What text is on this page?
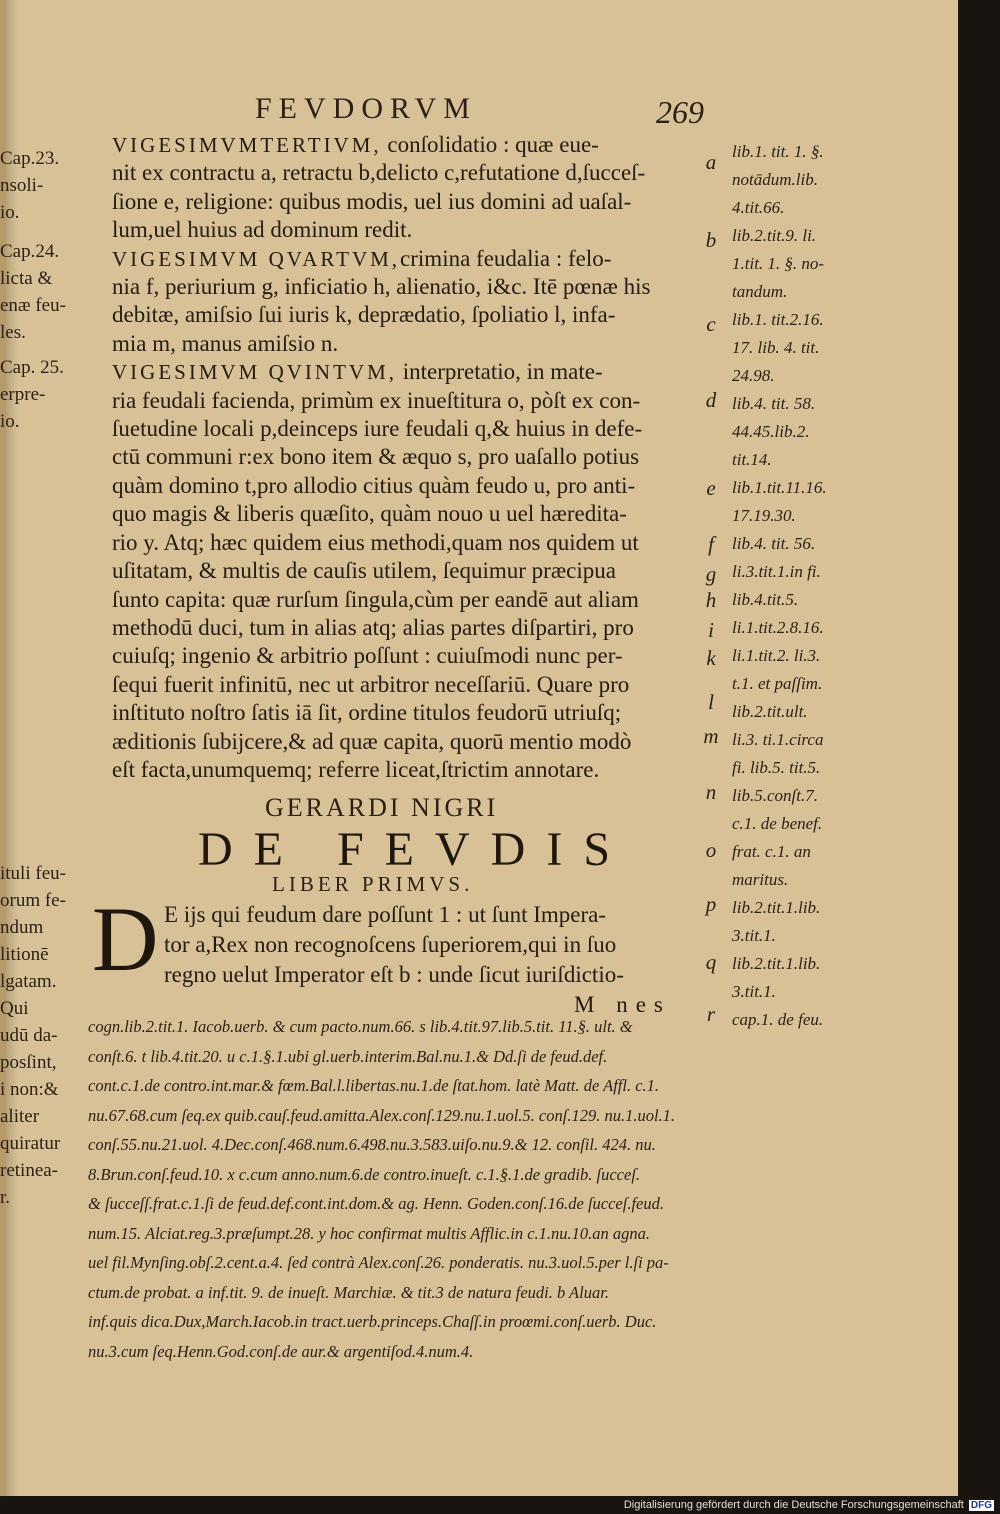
FEVDORVM	269
VIGESIMVMTERTIVM, conſolidatio : quæ eue-
nit ex contractu a, retractu b,delicto c,refutatione d,ſucceſ-
ſione e, religione: quibus modis, uel ius domini ad uaſal-
lum,uel huius ad dominum redit.
VIGESIMVM QVARTVM,crimina feudalia : felo-
nia f, periurium g, inficiatio h, alienatio, i&c. Itē pœnæ his
debitæ, amiſsio ſui iuris k, deprædatio, ſpoliatio l, infa-
mia m, manus amiſsio n.
VIGESIMVM QVINTVM, interpretatio, in mate-
ria feudali facienda, primùm ex inueſtitura o, pòſt ex con-
ſuetudine locali p,deinceps iure feudali q,& huius in defe-
ctū communi r:ex bono item & æquo s, pro uaſallo potius
quàm domino t,pro allodio citius quàm feudo u, pro anti-
quo magis & liberis quæſito, quàm nouo u uel hæredita-
rio y. Atq; hæc quidem eius methodi,quam nos quidem ut
uſitatam, & multis de cauſis utilem, ſequimur præcipua
ſunto capita: quæ rurſum ſingula,cùm per eandē aut aliam
methodū duci, tum in alias atq; alias partes diſpartiri, pro
cuiuſq; ingenio & arbitrio poſſunt : cuiuſmodi nunc per-
ſequi fuerit infinitū, nec ut arbitror neceſſariū. Quare pro
inſtituto noſtro ſatis iā ſit, ordine titulos feudorū utriuſq;
æditionis ſubijcere,& ad quæ capita, quorū mentio modò
eſt facta,unumquemq; referre liceat,ſtrictim annotare.
a
b
c
d
e
f
g
h
i
k
l
m
n
o
p
q
r
lib.1. tit. 1. §.
notādum.lib.
4.tit.66.
lib.2.tit.9. li.
1.tit. 1. §. no-
tandum.
lib.1. tit.2.16.
17. lib. 4. tit.
24.98.
lib.4. tit. 58.
44.45.lib.2.
tit.14.
lib.1.tit.11.16.
17.19.30.
lib.4. tit. 56.
li.3.tit.1.in fi.
lib.4.tit.5.
li.1.tit.2.8.16.
li.1.tit.2. li.3.
t.1. et paſſim.
lib.2.tit.ult.
li.3. ti.1.circa
fi. lib.5. tit.5.
lib.5.conſt.7.
c.1. de benef.
frat. c.1. an
maritus.
lib.2.tit.1.lib.
3.tit.1.
lib.2.tit.1.lib.
3.tit.1.
cap.1. de feu.
GERARDI NIGRI
DE FEVDIS
LIBER PRIMVS.
D E ijs qui feudum dare poſſunt 1 : ut ſunt Impera-
tor a,Rex non recognoſcens ſuperiorem,qui in ſuo
regno uelut Imperator eſt b : unde ſicut iuriſdictio-
M nes
cogn.lib.2.tit.1. Iacob.uerb. & cum pacto.num.66. s lib.4.tit.97.lib.5.tit. 11.§. ult. &
conſt.6. t lib.4.tit.20. u c.1.§.1.ubi gl.uerb.interim.Bal.nu.1.& Dd.ſi de feud.def.
cont.c.1.de contro.int.mar.& fœm.Bal.l.libertas.nu.1.de ſtat.hom. latè Matt. de Affl. c.1.
nu.67.68.cum ſeq.ex quib.cauſ.feud.amitta.Alex.conſ.129.nu.1.uol.5. conſ.129. nu.1.uol.1.
conſ.55.nu.21.uol. 4.Dec.conſ.468.num.6.498.nu.3.583.uiſo.nu.9.& 12. conſil. 424. nu.
8.Brun.conſ.feud.10. x c.cum anno.num.6.de contro.inueſt. c.1.§.1.de gradib. ſucceſ.
& ſucceſſ.frat.c.1.ſi de feud.def.cont.int.dom.& ag. Henn. Goden.conſ.16.de ſucceſ.feud.
num.15. Alciat.reg.3.præſumpt.28. y hoc confirmat multis Afflic.in c.1.nu.10.an agna.
uel fil.Mynſing.obſ.2.cent.a.4. ſed contrà Alex.conſ.26. ponderatis. nu.3.uol.5.per l.ſi pa-
ctum.de probat. a inf.tit. 9. de inueſt. Marchiæ. & tit.3 de natura feudi. b Aluar.
inf.quis dica.Dux,March.Iacob.in tract.uerb.princeps.Chaſſ.in proœmi.conſ.uerb. Duc.
nu.3.cum ſeq.Henn.God.conſ.de aur.& argentiſod.4.num.4.
Cap.23.
nsoli-
io.
Cap.24.
licta &
enæ feu-
les.
Cap. 25.
erpre-
io.
ituli feu-
orum fe-
ndum
litionē
lgatam.
Qui
udū da-
posſint,
i non:&
aliter
quiratur
retinea-
r.
Digitalisierung gefördert durch die Deutsche Forschungsgemeinschaft DFG
